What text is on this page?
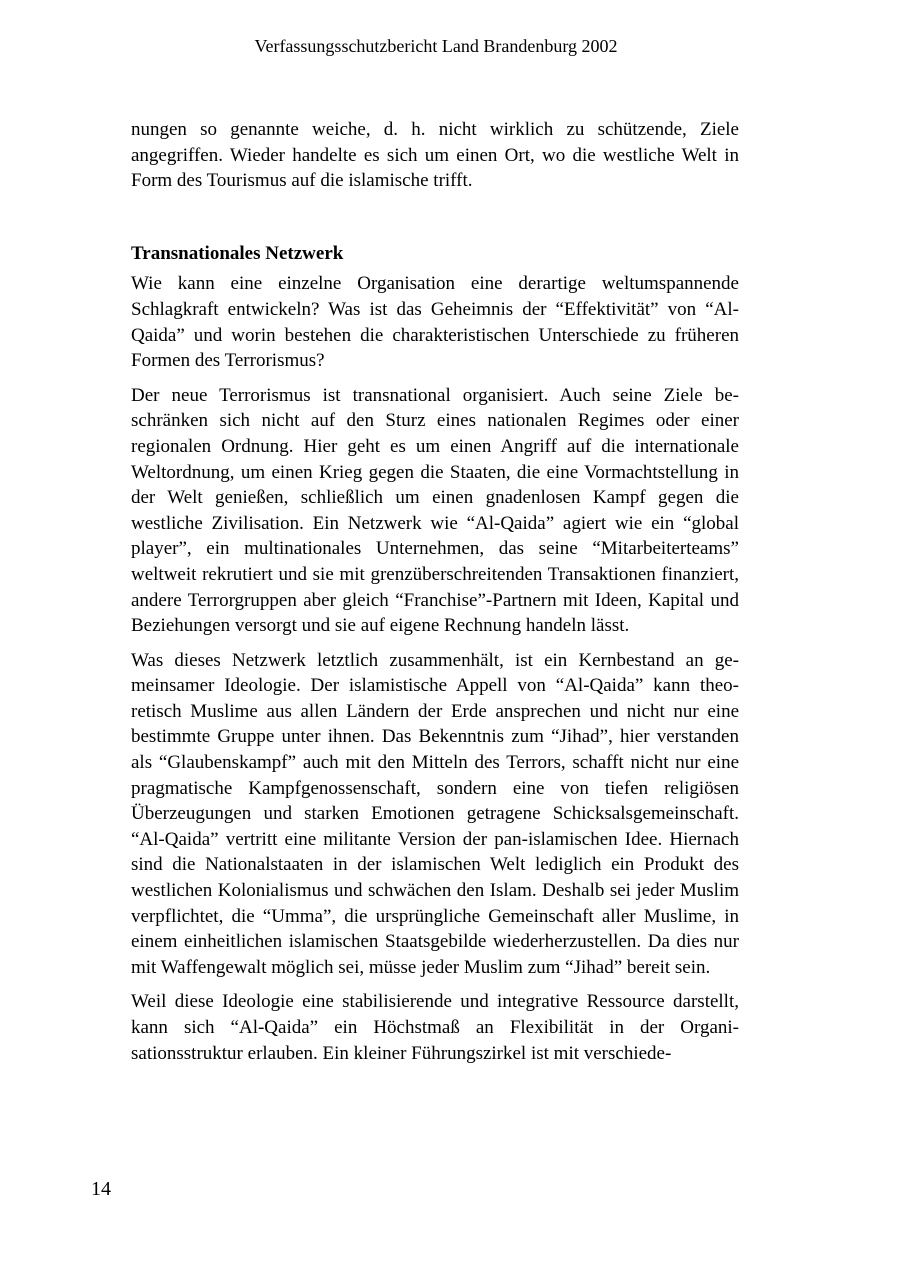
Verfassungsschutzbericht Land Brandenburg 2002

nungen so genannte weiche, d. h. nicht wirklich zu schützende, Ziele angegriffen. Wieder handelte es sich um einen Ort, wo die westliche Welt in Form des Tourismus auf die islamische trifft.

Transnationales Netzwerk

Wie kann eine einzelne Organisation eine derartige weltumspannende Schlagkraft entwickeln? Was ist das Geheimnis der “Effektivität” von “Al-Qaida” und worin bestehen die charakteristischen Unterschiede zu früheren Formen des Terrorismus?

Der neue Terrorismus ist transnational organisiert. Auch seine Ziele beschränken sich nicht auf den Sturz eines nationalen Regimes oder einer regionalen Ordnung. Hier geht es um einen Angriff auf die internationale Weltordnung, um einen Krieg gegen die Staaten, die eine Vormachtstellung in der Welt genießen, schließlich um einen gnadenlosen Kampf gegen die westliche Zivilisation. Ein Netzwerk wie “Al-Qaida” agiert wie ein “global player”, ein multinationales Unternehmen, das seine “Mitarbeiterteams” weltweit rekrutiert und sie mit grenzüberschreitenden Transaktionen finanziert, andere Terrorgruppen aber gleich “Franchise”-Partnern mit Ideen, Kapital und Beziehungen versorgt und sie auf eigene Rechnung handeln lässt.

Was dieses Netzwerk letztlich zusammenhält, ist ein Kernbestand an gemeinsamer Ideologie. Der islamistische Appell von “Al-Qaida” kann theoretisch Muslime aus allen Ländern der Erde ansprechen und nicht nur eine bestimmte Gruppe unter ihnen. Das Bekenntnis zum “Jihad”, hier verstanden als “Glaubenskampf” auch mit den Mitteln des Terrors, schafft nicht nur eine pragmatische Kampfgenossenschaft, sondern eine von tiefen religiösen Überzeugungen und starken Emotionen getragene Schicksalsgemeinschaft. “Al-Qaida” vertritt eine militante Version der pan-islamischen Idee. Hiernach sind die Nationalstaaten in der islamischen Welt lediglich ein Produkt des westlichen Kolonialismus und schwächen den Islam. Deshalb sei jeder Muslim verpflichtet, die “Umma”, die ursprüngliche Gemeinschaft aller Muslime, in einem einheitlichen islamischen Staatsgebilde wiederherzustellen. Da dies nur mit Waffengewalt möglich sei, müsse jeder Muslim zum “Jihad” bereit sein.

Weil diese Ideologie eine stabilisierende und integrative Ressource darstellt, kann sich “Al-Qaida” ein Höchstmaß an Flexibilität in der Organisationsstruktur erlauben. Ein kleiner Führungszirkel ist mit verschiede-

14
